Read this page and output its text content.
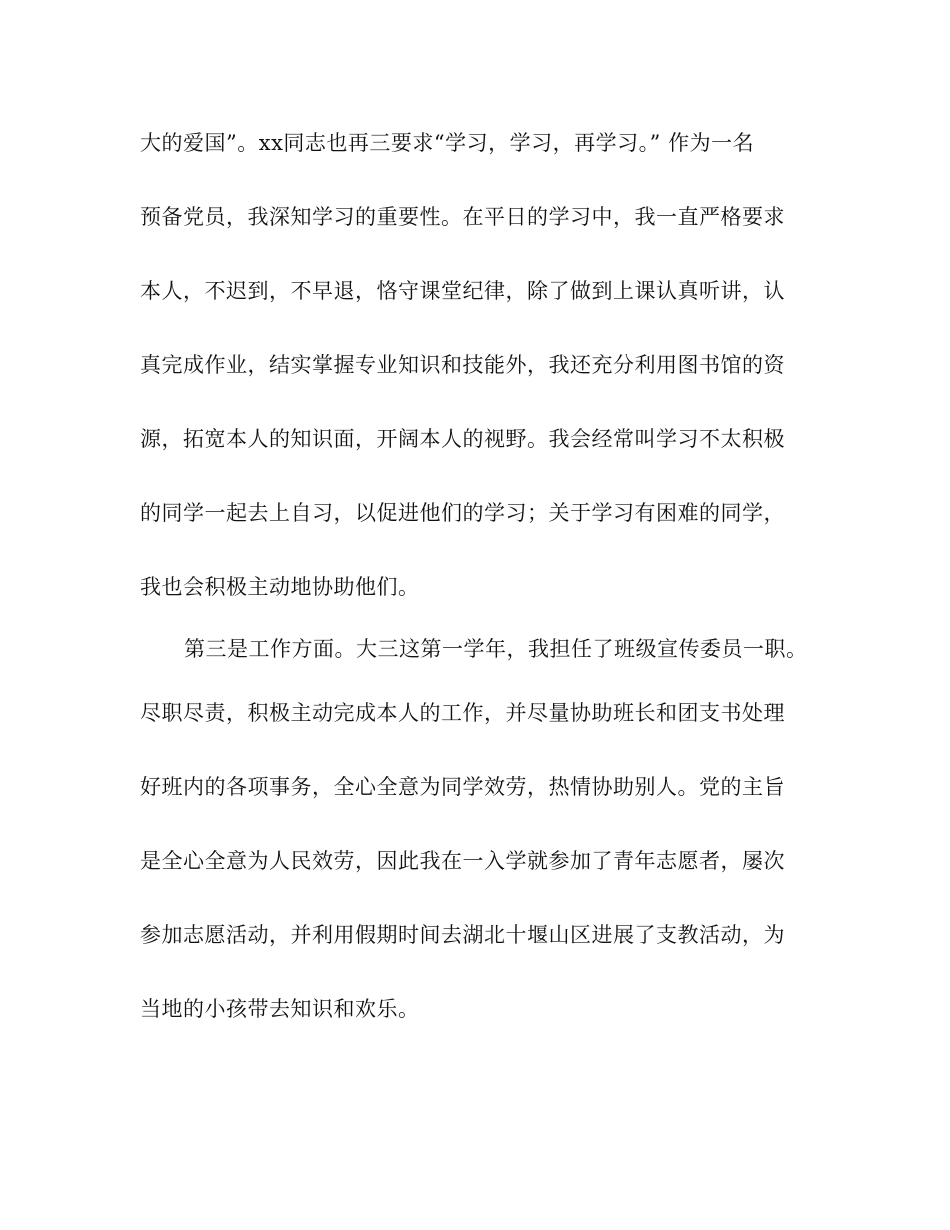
大的爱国”。xx同志也再三要求“学习，学习，再学习。” 作为一名
预备党员，我深知学习的重要性。在平日的学习中，我一直严格要求
本人，不迟到，不早退，恪守课堂纪律，除了做到上课认真听讲，认
真完成作业，结实掌握专业知识和技能外，我还充分利用图书馆的资
源，拓宽本人的知识面，开阔本人的视野。我会经常叫学习不太积极
的同学一起去上自习，以促进他们的学习；关于学习有困难的同学，
我也会积极主动地协助他们。
第三是工作方面。大三这第一学年，我担任了班级宣传委员一职。
尽职尽责，积极主动完成本人的工作，并尽量协助班长和团支书处理
好班内的各项事务，全心全意为同学效劳，热情协助别人。党的主旨
是全心全意为人民效劳，因此我在一入学就参加了青年志愿者，屡次
参加志愿活动，并利用假期时间去湖北十堰山区进展了支教活动，为
当地的小孩带去知识和欢乐。
